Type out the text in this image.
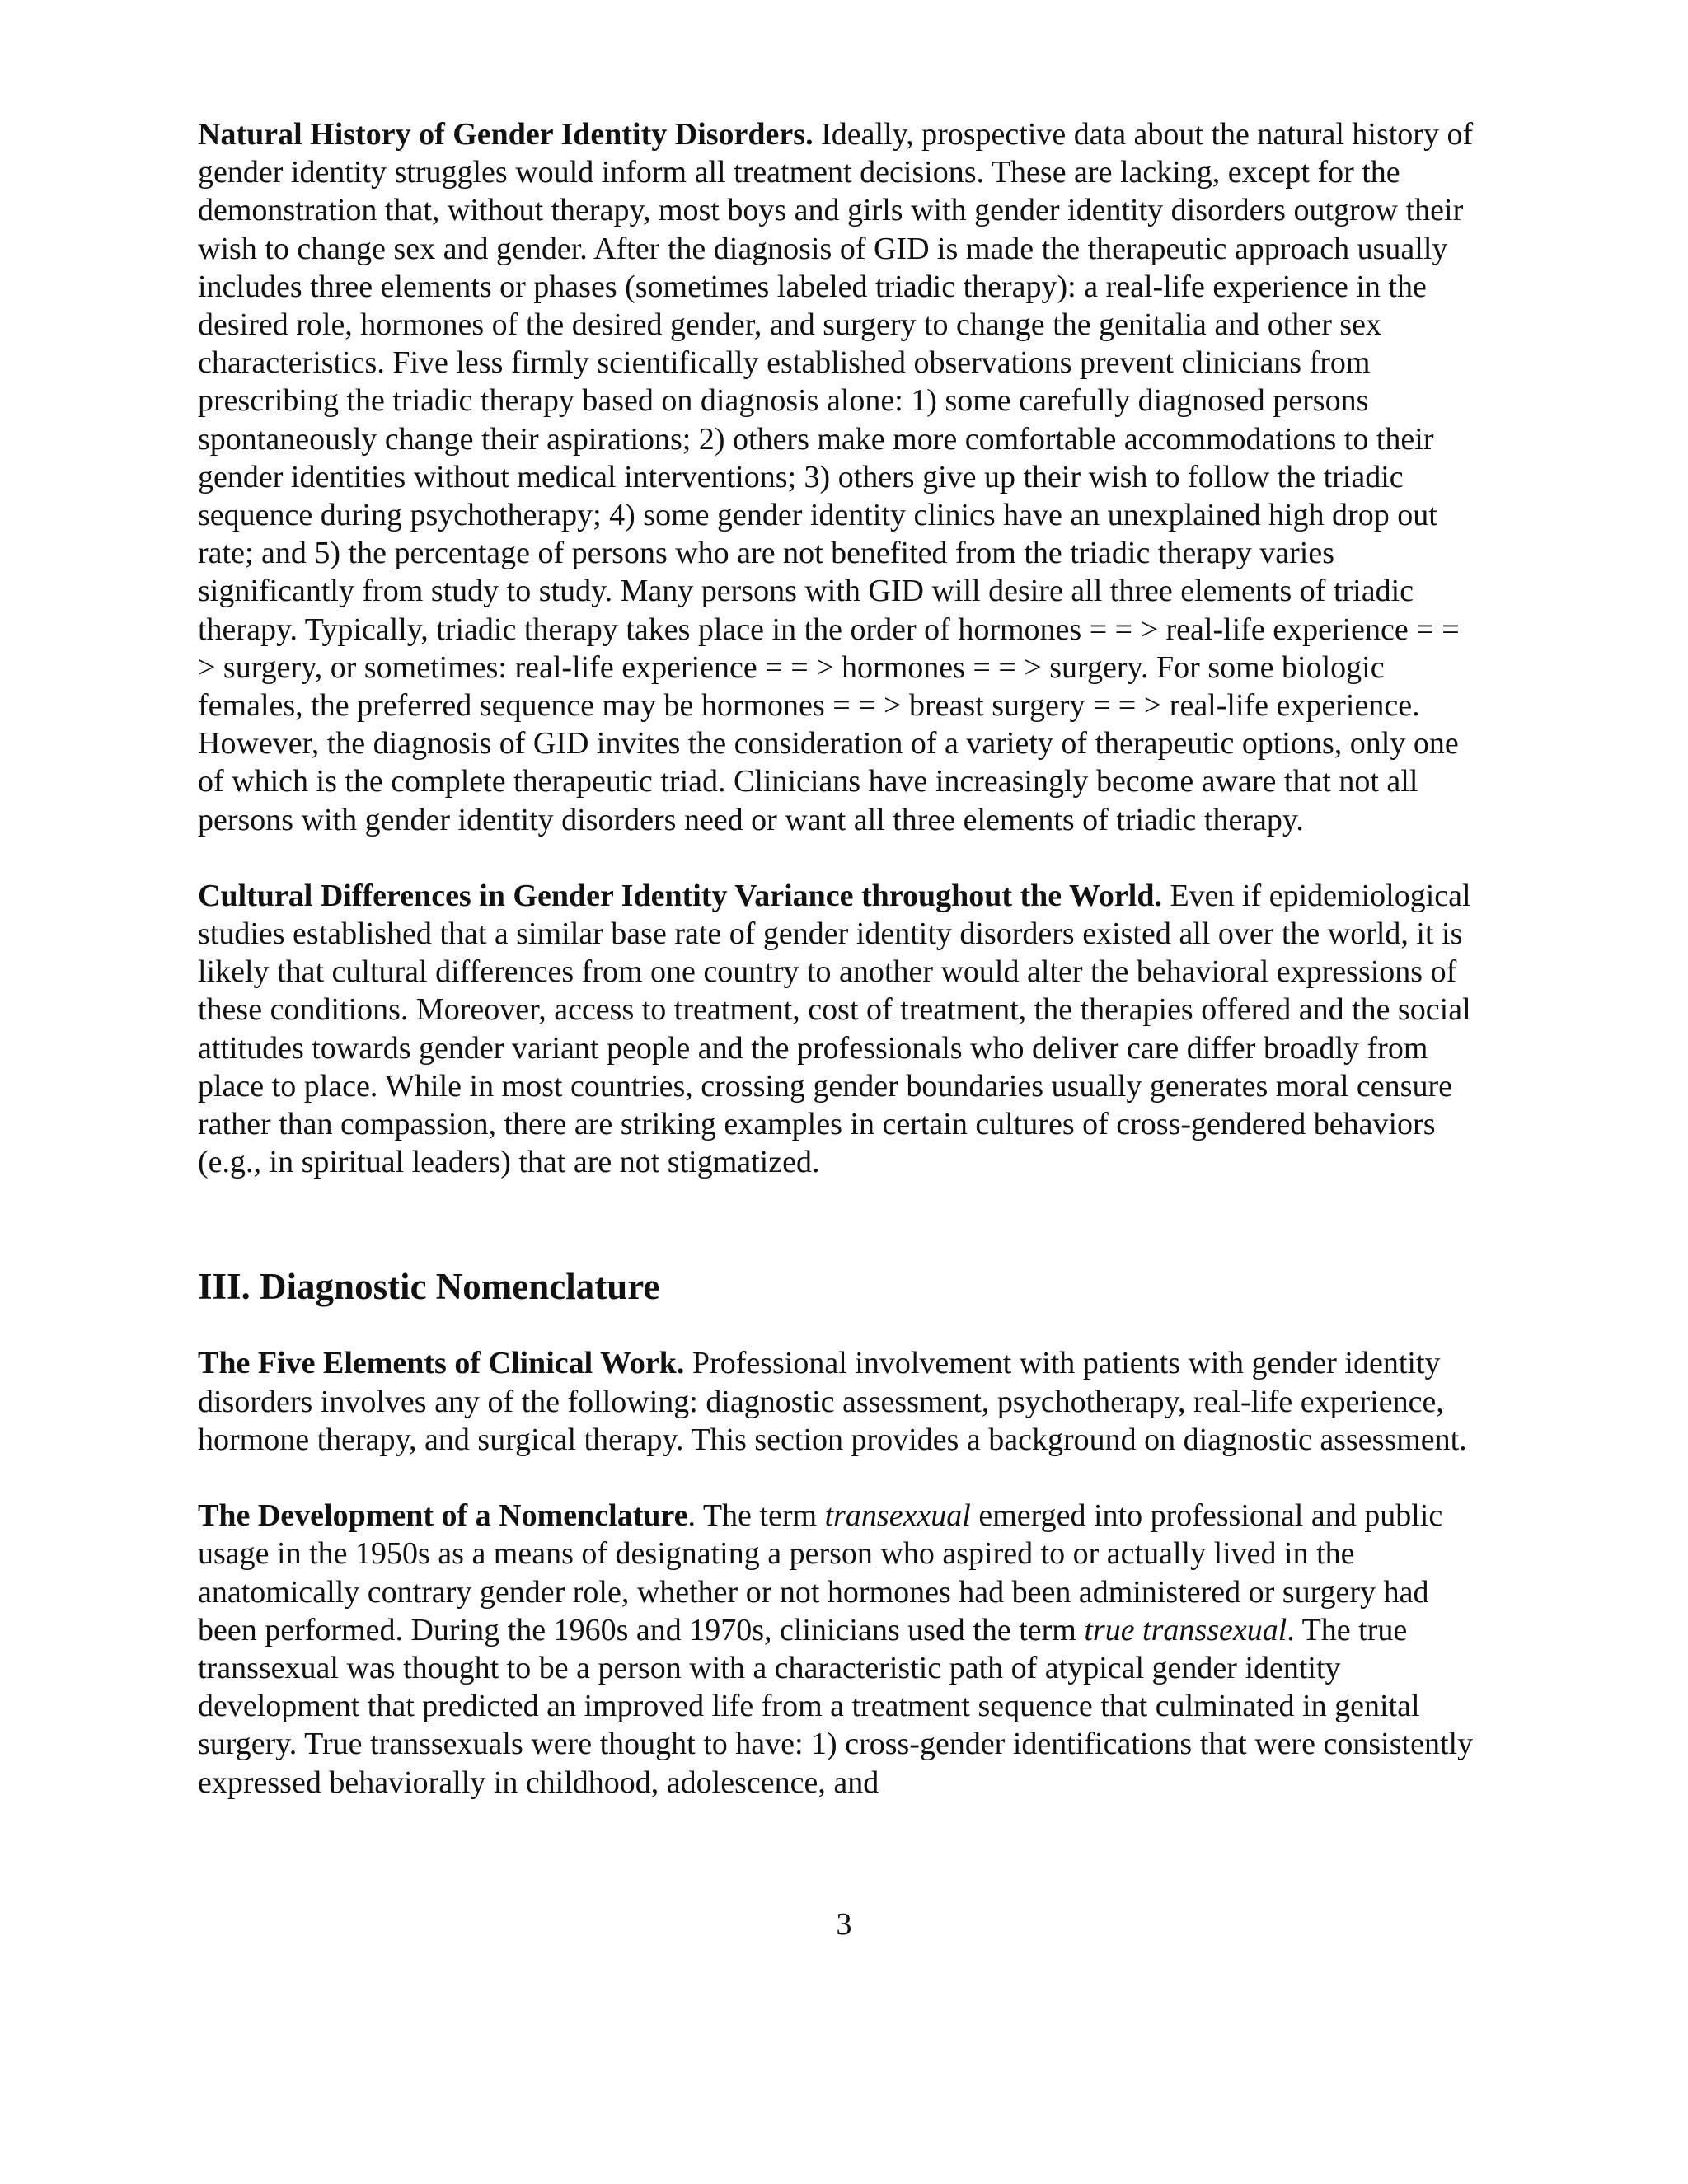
Natural History of Gender Identity Disorders. Ideally, prospective data about the natural history of gender identity struggles would inform all treatment decisions. These are lacking, except for the demonstration that, without therapy, most boys and girls with gender identity disorders outgrow their wish to change sex and gender. After the diagnosis of GID is made the therapeutic approach usually includes three elements or phases (sometimes labeled triadic therapy): a real-life experience in the desired role, hormones of the desired gender, and surgery to change the genitalia and other sex characteristics. Five less firmly scientifically established observations prevent clinicians from prescribing the triadic therapy based on diagnosis alone: 1) some carefully diagnosed persons spontaneously change their aspirations; 2) others make more comfortable accommodations to their gender identities without medical interventions; 3) others give up their wish to follow the triadic sequence during psychotherapy; 4) some gender identity clinics have an unexplained high drop out rate; and 5) the percentage of persons who are not benefited from the triadic therapy varies significantly from study to study. Many persons with GID will desire all three elements of triadic therapy. Typically, triadic therapy takes place in the order of hormones = = > real-life experience = = > surgery, or sometimes: real-life experience = = > hormones = = > surgery. For some biologic females, the preferred sequence may be hormones = = > breast surgery = = > real-life experience. However, the diagnosis of GID invites the consideration of a variety of therapeutic options, only one of which is the complete therapeutic triad. Clinicians have increasingly become aware that not all persons with gender identity disorders need or want all three elements of triadic therapy.

Cultural Differences in Gender Identity Variance throughout the World. Even if epidemiological studies established that a similar base rate of gender identity disorders existed all over the world, it is likely that cultural differences from one country to another would alter the behavioral expressions of these conditions. Moreover, access to treatment, cost of treatment, the therapies offered and the social attitudes towards gender variant people and the professionals who deliver care differ broadly from place to place. While in most countries, crossing gender boundaries usually generates moral censure rather than compassion, there are striking examples in certain cultures of cross-gendered behaviors (e.g., in spiritual leaders) that are not stigmatized.

III. Diagnostic Nomenclature

The Five Elements of Clinical Work. Professional involvement with patients with gender identity disorders involves any of the following: diagnostic assessment, psychotherapy, real-life experience, hormone therapy, and surgical therapy. This section provides a background on diagnostic assessment.

The Development of a Nomenclature. The term transexxual emerged into professional and public usage in the 1950s as a means of designating a person who aspired to or actually lived in the anatomically contrary gender role, whether or not hormones had been administered or surgery had been performed. During the 1960s and 1970s, clinicians used the term true transsexual. The true transsexual was thought to be a person with a characteristic path of atypical gender identity development that predicted an improved life from a treatment sequence that culminated in genital surgery. True transsexuals were thought to have: 1) cross-gender identifications that were consistently expressed behaviorally in childhood, adolescence, and

3
